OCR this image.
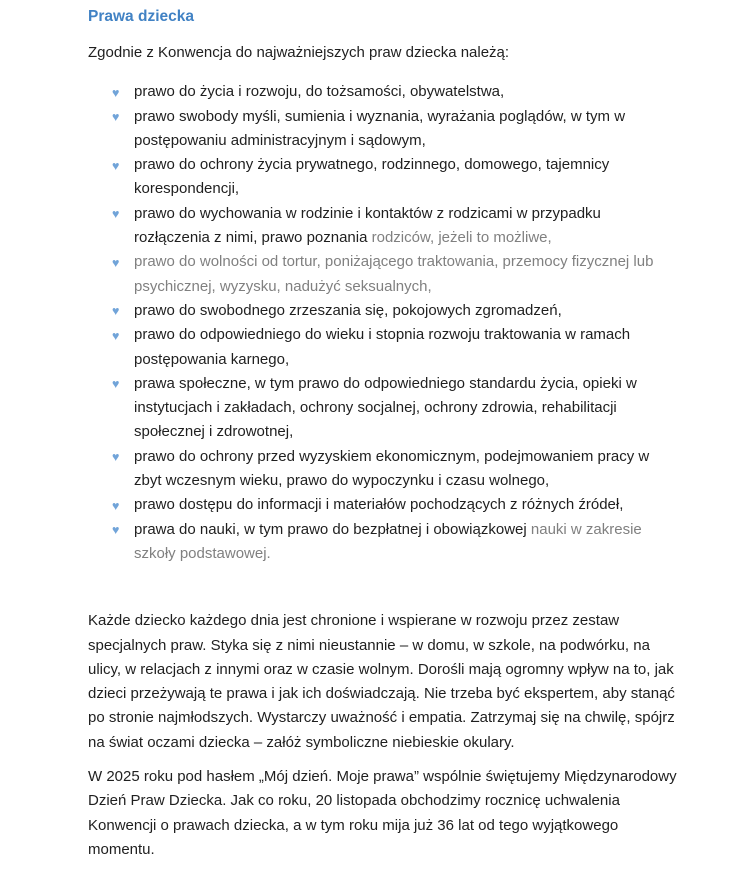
Prawa dziecka

Zgodnie z Konwencja do najważniejszych praw dziecka należą:

♥ prawo do życia i rozwoju, do tożsamości, obywatelstwa,
♥ prawo swobody myśli, sumienia i wyznania, wyrażania poglądów, w tym w postępowaniu administracyjnym i sądowym,
♥ prawo do ochrony życia prywatnego, rodzinnego, domowego, tajemnicy korespondencji,
♥ prawo do wychowania w rodzinie i kontaktów z rodzicami w przypadku rozłączenia z nimi, prawo poznania rodziców, jeżeli to możliwe,
♥ prawo do wolności od tortur, poniżającego traktowania, przemocy fizycznej lub psychicznej, wyzysku, nadużyć seksualnych,
♥ prawo do swobodnego zrzeszania się, pokojowych zgromadzeń,
♥ prawo do odpowiedniego do wieku i stopnia rozwoju traktowania w ramach postępowania karnego,
♥ prawa społeczne, w tym prawo do odpowiedniego standardu życia, opieki w instytucjach i zakładach, ochrony socjalnej, ochrony zdrowia, rehabilitacji społecznej i zdrowotnej,
♥ prawo do ochrony przed wyzyskiem ekonomicznym, podejmowaniem pracy w zbyt wczesnym wieku, prawo do wypoczynku i czasu wolnego,
♥ prawo dostępu do informacji i materiałów pochodzących z różnych źródeł,
♥ prawa do nauki, w tym prawo do bezpłatnej i obowiązkowej nauki w zakresie szkoły podstawowej.

Każde dziecko każdego dnia jest chronione i wspierane w rozwoju przez zestaw specjalnych praw. Styka się z nimi nieustannie – w domu, w szkole, na podwórku, na ulicy, w relacjach z innymi oraz w czasie wolnym. Dorośli mają ogromny wpływ na to, jak dzieci przeżywają te prawa i jak ich doświadczają. Nie trzeba być ekspertem, aby stanąć po stronie najmłodszych. Wystarczy uważność i empatia. Zatrzymaj się na chwilę, spójrz na świat oczami dziecka – załóż symboliczne niebieskie okulary.

W 2025 roku pod hasłem „Mój dzień. Moje prawa” wspólnie świętujemy Międzynarodowy Dzień Praw Dziecka. Jak co roku, 20 listopada obchodzimy rocznicę uchwalenia Konwencji o prawach dziecka, a w tym roku mija już 36 lat od tego wyjątkowego momentu.
